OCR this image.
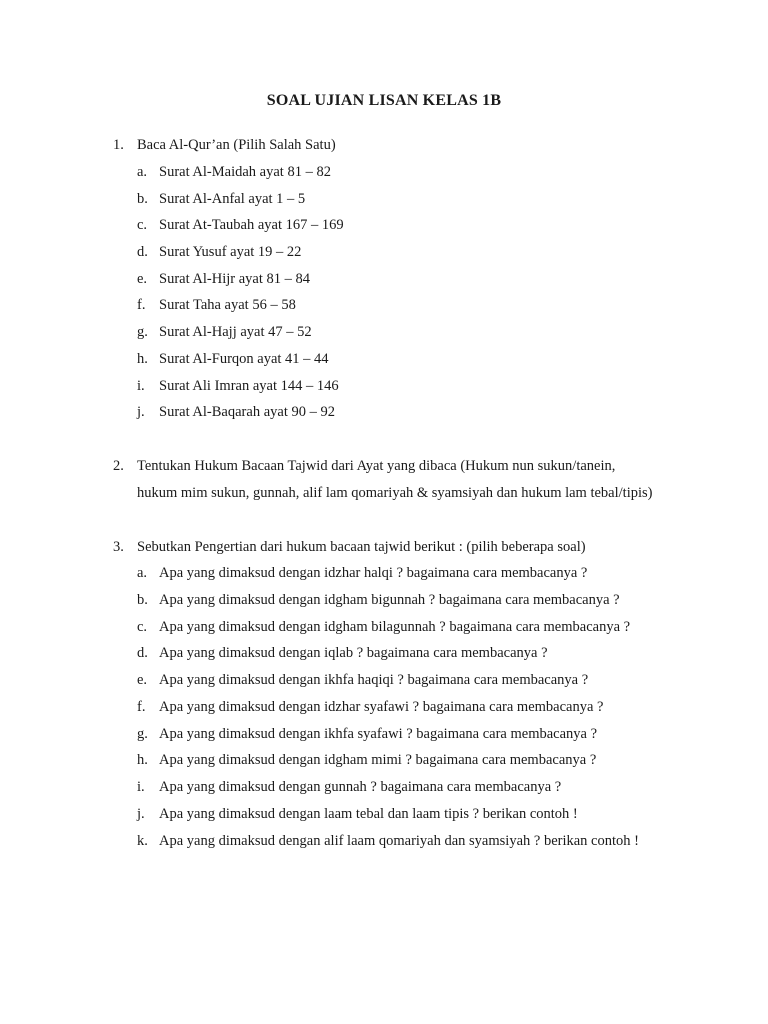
SOAL UJIAN LISAN KELAS 1B
1. Baca Al-Qur’an (Pilih Salah Satu)
a. Surat Al-Maidah ayat 81 – 82
b. Surat Al-Anfal ayat 1 – 5
c. Surat At-Taubah ayat 167 – 169
d. Surat Yusuf ayat 19 – 22
e. Surat Al-Hijr ayat 81 – 84
f. Surat Taha ayat 56 – 58
g. Surat Al-Hajj ayat 47 – 52
h. Surat Al-Furqon ayat 41 – 44
i. Surat Ali Imran ayat 144 – 146
j. Surat Al-Baqarah ayat 90 – 92
2. Tentukan Hukum Bacaan Tajwid dari Ayat yang dibaca (Hukum nun sukun/tanein,
hukum mim sukun, gunnah, alif lam qomariyah & syamsiyah dan hukum lam tebal/tipis)
3. Sebutkan Pengertian dari hukum bacaan tajwid berikut : (pilih beberapa soal)
a. Apa yang dimaksud dengan idzhar halqi ? bagaimana cara membacanya ?
b. Apa yang dimaksud dengan idgham bigunnah ? bagaimana cara membacanya ?
c. Apa yang dimaksud dengan idgham bilagunnah ? bagaimana cara membacanya ?
d. Apa yang dimaksud dengan iqlab ? bagaimana cara membacanya ?
e. Apa yang dimaksud dengan ikhfa haqiqi ? bagaimana cara membacanya ?
f. Apa yang dimaksud dengan idzhar syafawi ? bagaimana cara membacanya ?
g. Apa yang dimaksud dengan ikhfa syafawi ? bagaimana cara membacanya ?
h. Apa yang dimaksud dengan idgham mimi ? bagaimana cara membacanya ?
i. Apa yang dimaksud dengan gunnah ? bagaimana cara membacanya ?
j. Apa yang dimaksud dengan laam tebal dan laam tipis ? berikan contoh !
k. Apa yang dimaksud dengan alif laam qomariyah dan syamsiyah ? berikan contoh !
